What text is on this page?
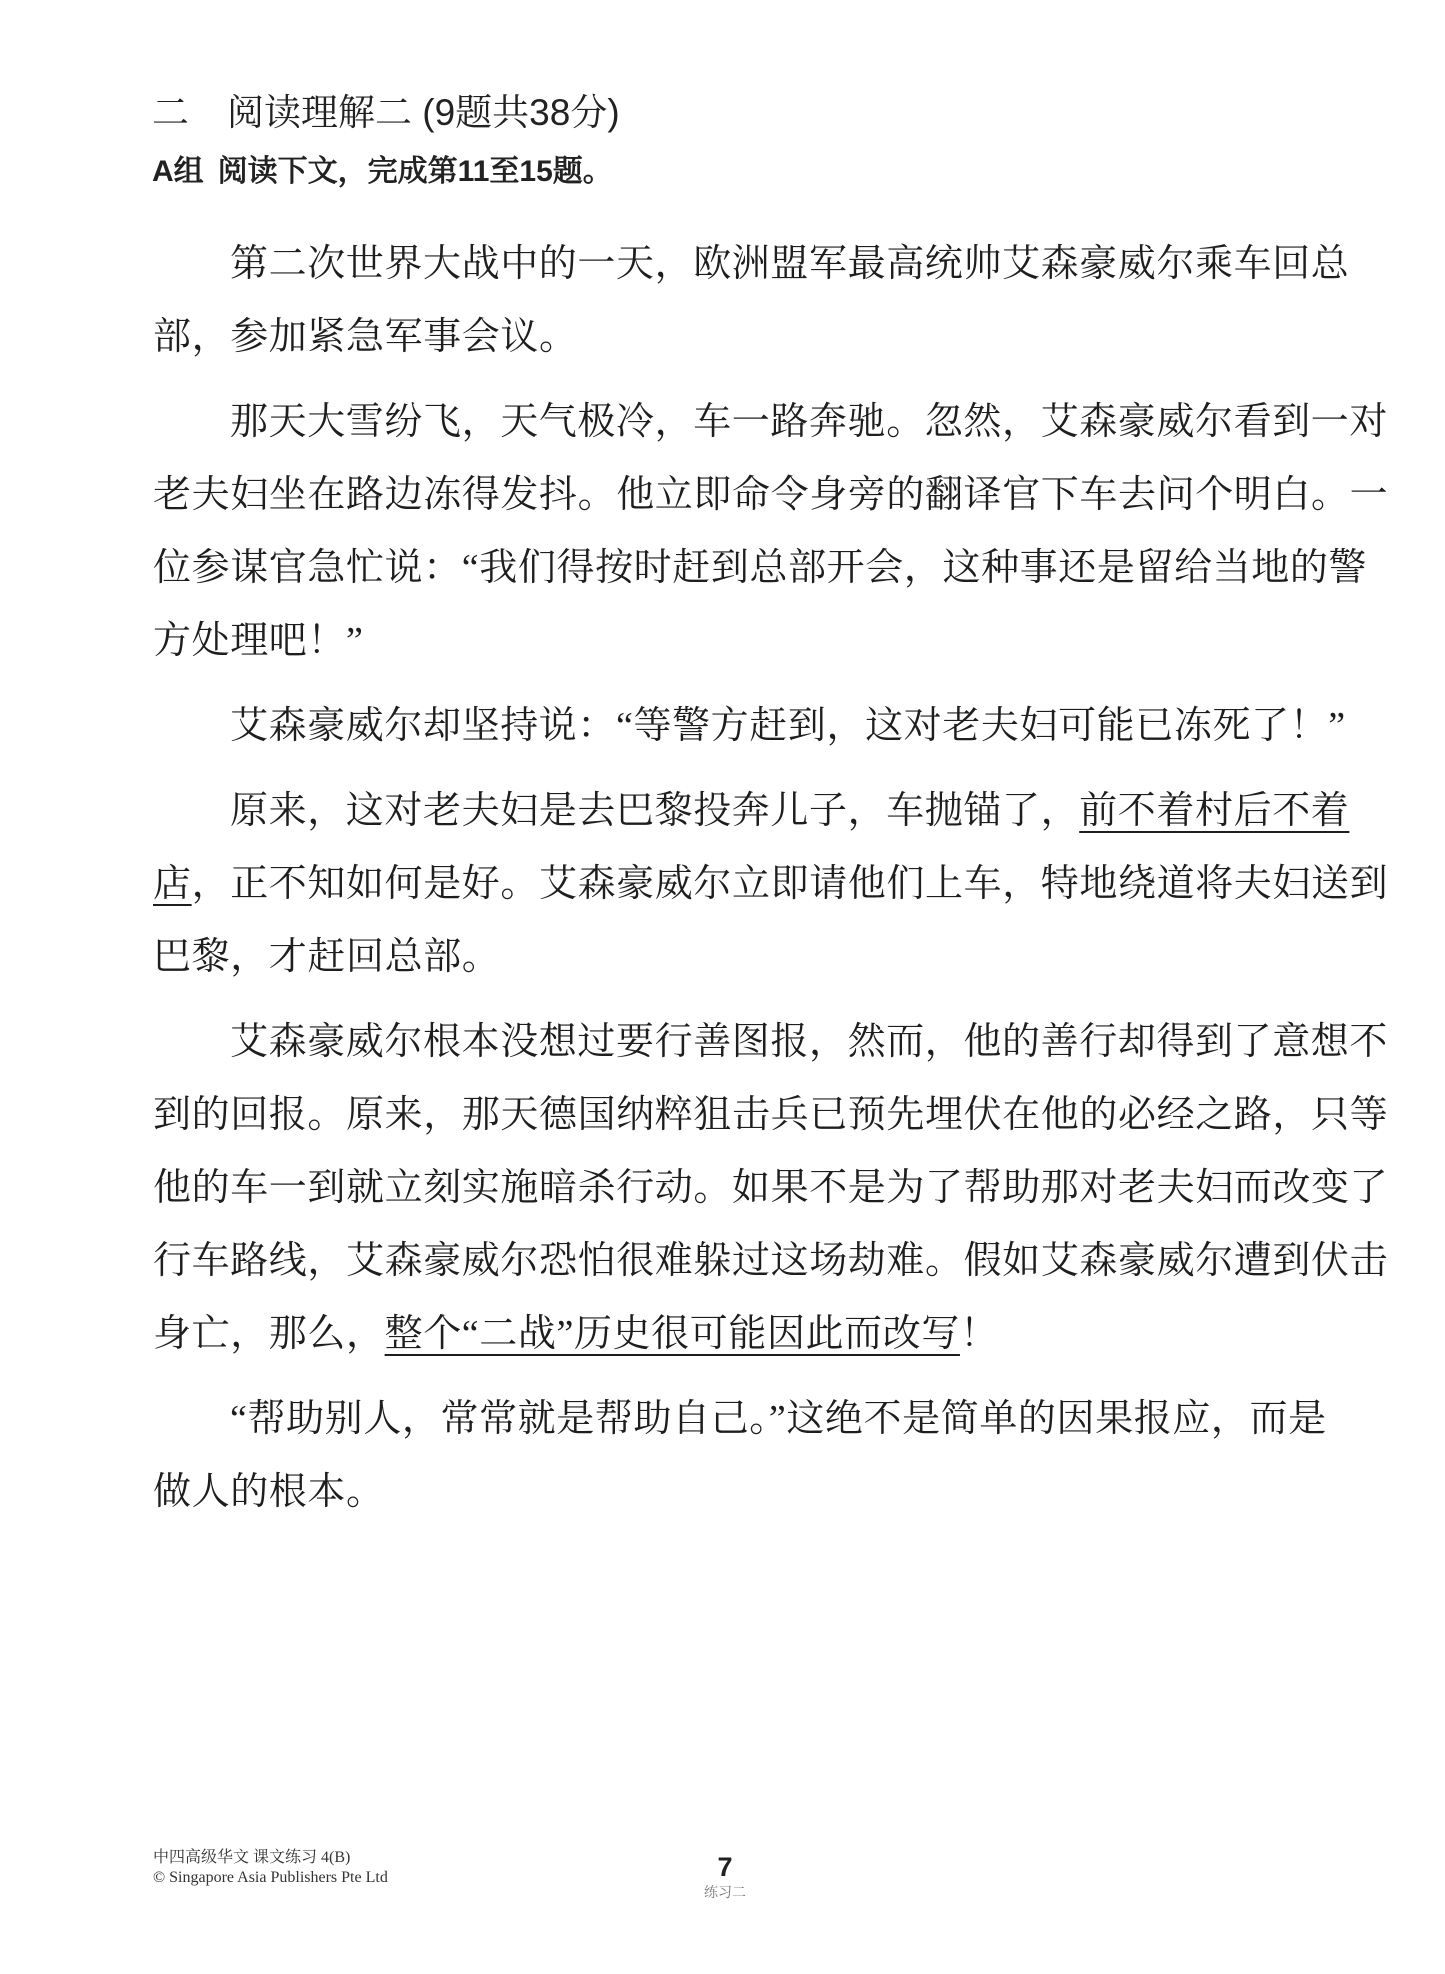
二 阅读理解二 (9题共38分)
A组 阅读下文，完成第11至15题。
第二次世界大战中的一天，欧洲盟军最高统帅艾森豪威尔乘车回总
部，参加紧急军事会议。
那天大雪纷飞，天气极冷，车一路奔驰。忽然，艾森豪威尔看到一对
老夫妇坐在路边冻得发抖。他立即命令身旁的翻译官下车去问个明白。一
位参谋官急忙说：“我们得按时赶到总部开会，这种事还是留给当地的警
方处理吧！”
艾森豪威尔却坚持说：“等警方赶到，这对老夫妇可能已冻死了！”
原来，这对老夫妇是去巴黎投奔儿子，车抛锚了，前不着村后不着
店，正不知如何是好。艾森豪威尔立即请他们上车，特地绕道将夫妇送到
巴黎，才赶回总部。
艾森豪威尔根本没想过要行善图报，然而，他的善行却得到了意想不
到的回报。原来，那天德国纳粹狙击兵已预先埋伏在他的必经之路，只等
他的车一到就立刻实施暗杀行动。如果不是为了帮助那对老夫妇而改变了
行车路线，艾森豪威尔恐怕很难躲过这场劫难。假如艾森豪威尔遭到伏击
身亡，那么，整个“二战”历史很可能因此而改写！
“帮助别人，常常就是帮助自己。”这绝不是简单的因果报应，而是
做人的根本。
中四高级华文 课文练习 4(B)
© Singapore Asia Publishers Pte Ltd	7
练习二
